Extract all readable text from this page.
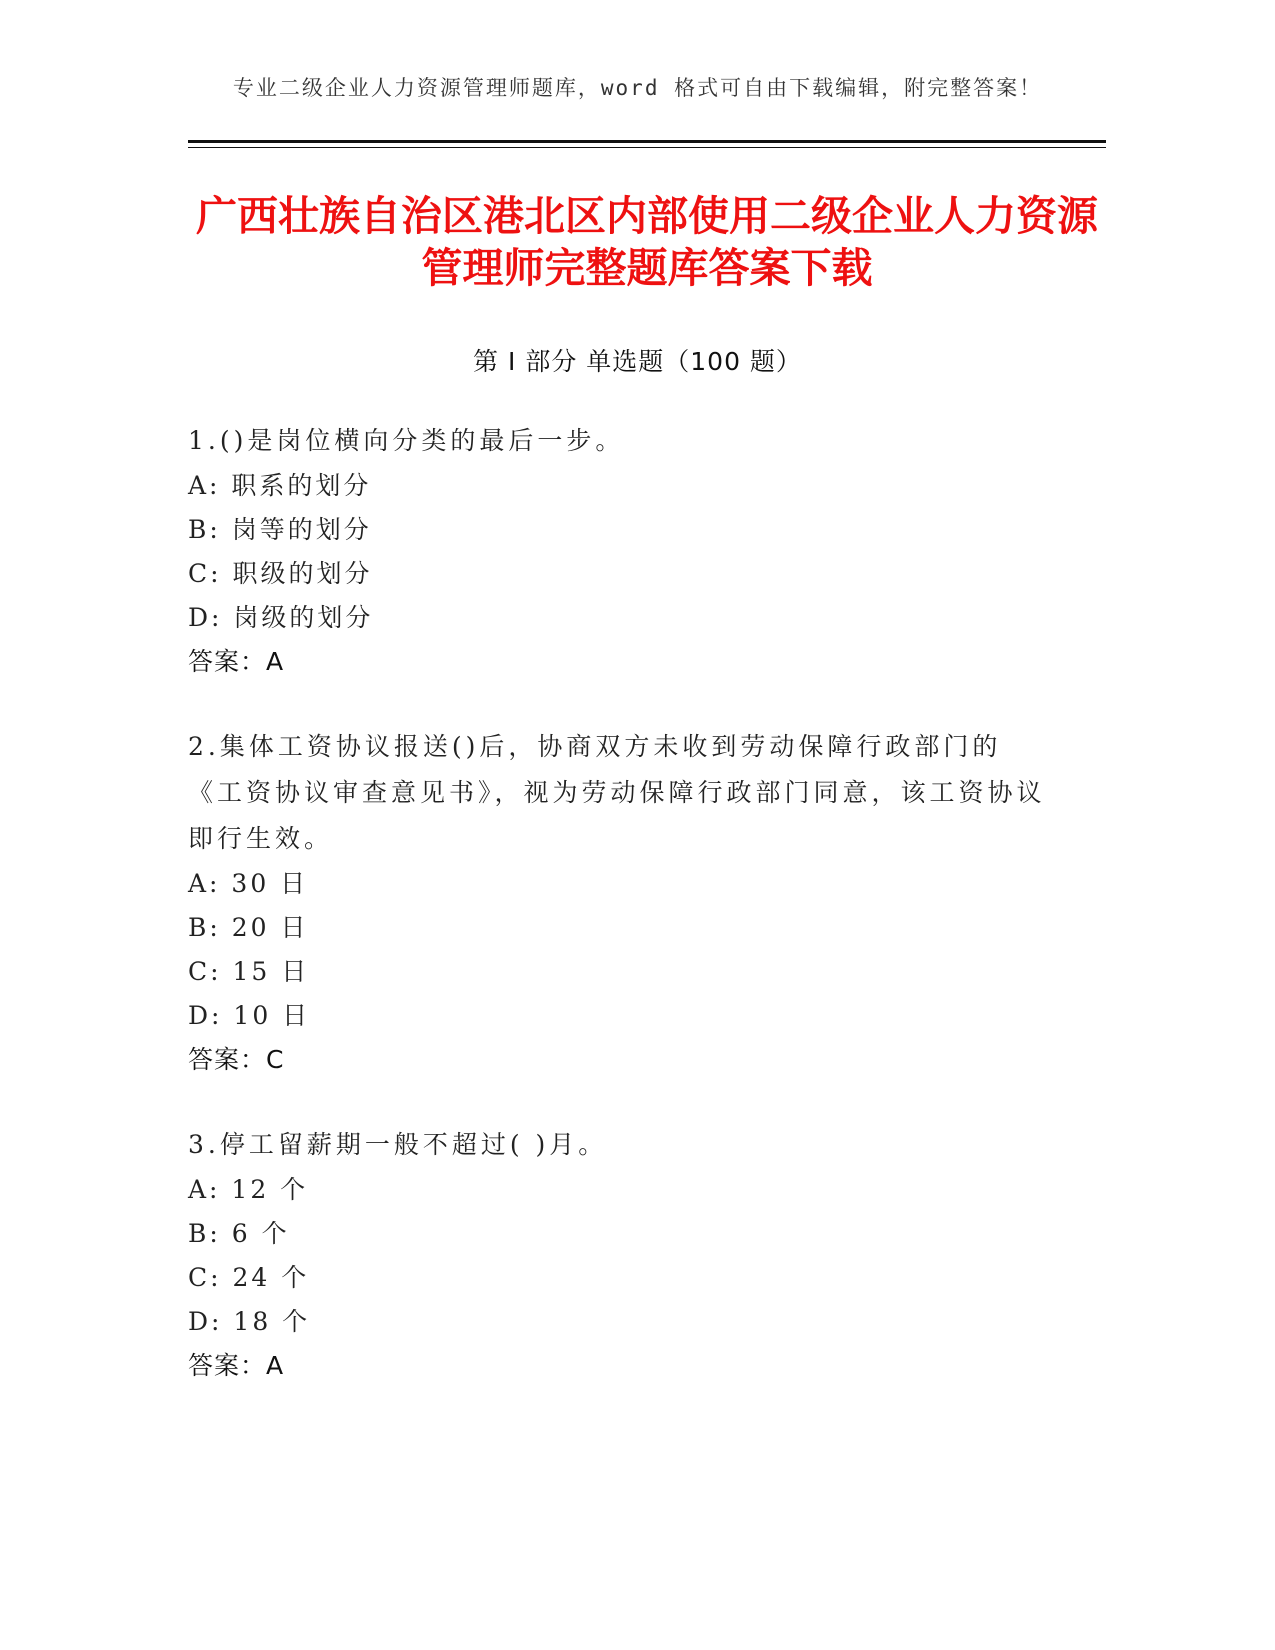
专业二级企业人力资源管理师题库，word 格式可自由下载编辑，附完整答案！
广西壮族自治区港北区内部使用二级企业人力资源管理师完整题库答案下载
第 I 部分 单选题（100 题）
1.()是岗位横向分类的最后一步。
A: 职系的划分
B: 岗等的划分
C: 职级的划分
D: 岗级的划分
答案：A
2.集体工资协议报送()后，协商双方未收到劳动保障行政部门的《工资协议审查意见书》，视为劳动保障行政部门同意，该工资协议即行生效。
A: 30 日
B: 20 日
C: 15 日
D: 10 日
答案：C
3.停工留薪期一般不超过( )月。
A: 12 个
B: 6 个
C: 24 个
D: 18 个
答案：A
